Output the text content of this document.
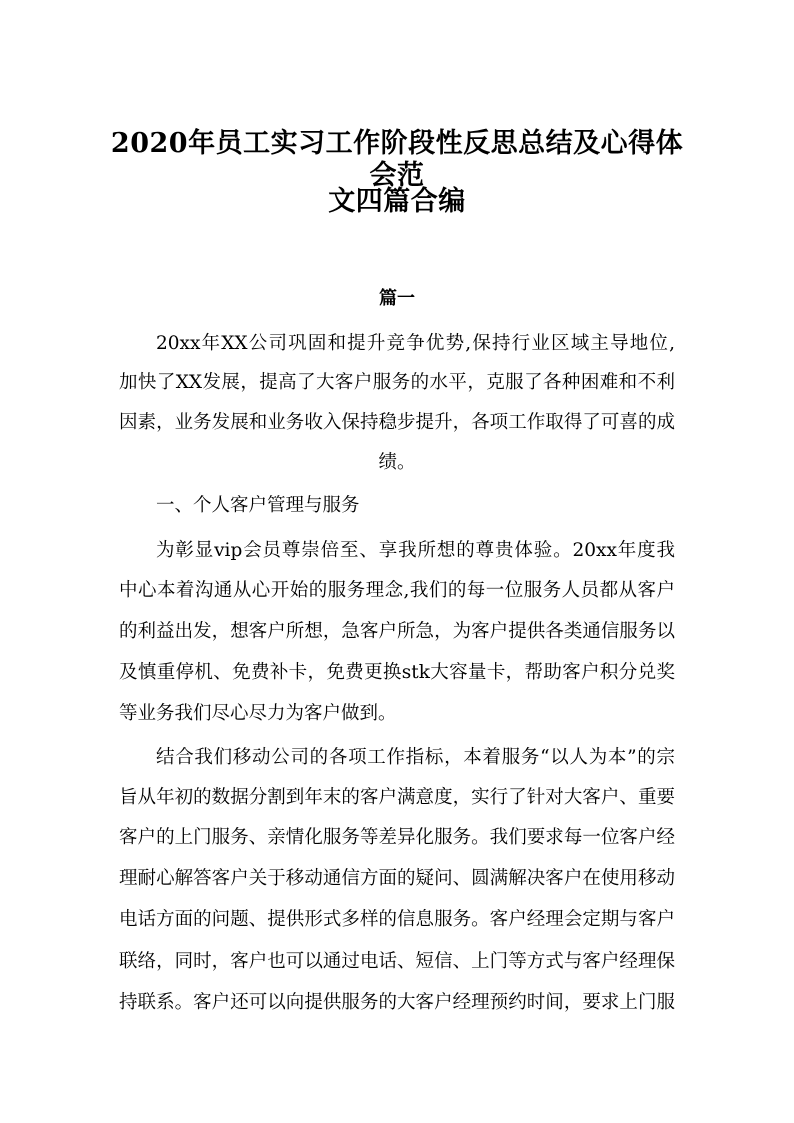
2020年员工实习工作阶段性反思总结及心得体会范
文四篇合编
篇一

20xx年XX公司巩固和提升竞争优势,保持行业区域主导地位,

加快了XX发展，提高了大客户服务的水平，克服了各种困难和不利

因素，业务发展和业务收入保持稳步提升，各项工作取得了可喜的成

绩。

一、个人客户管理与服务

为彰显vip会员尊崇倍至、享我所想的尊贵体验。20xx年度我

中心本着沟通从心开始的服务理念,我们的每一位服务人员都从客户

的利益出发，想客户所想，急客户所急，为客户提供各类通信服务以

及慎重停机、免费补卡，免费更换stk大容量卡，帮助客户积分兑奖

等业务我们尽心尽力为客户做到。

结合我们移动公司的各项工作指标，本着服务“以人为本”的宗

旨从年初的数据分割到年末的客户满意度，实行了针对大客户、重要

客户的上门服务、亲情化服务等差异化服务。我们要求每一位客户经

理耐心解答客户关于移动通信方面的疑问、圆满解决客户在使用移动

电话方面的问题、提供形式多样的信息服务。客户经理会定期与客户

联络，同时，客户也可以通过电话、短信、上门等方式与客户经理保

持联系。客户还可以向提供服务的大客户经理预约时间，要求上门服
